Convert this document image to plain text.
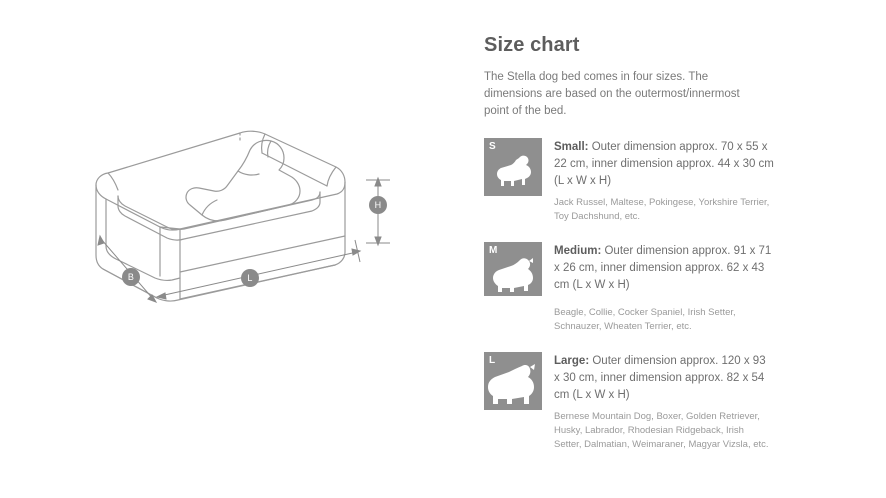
H
L
B
Size chart

The Stella dog bed comes in four sizes. The dimensions are based on the outermost/innermost point of the bed.

S	Small: Outer dimension approx. 70 x 55 x 22 cm, inner dimension approx. 44 x 30 cm (L x W x H)

Jack Russel, Maltese, Pokingese, Yorkshire Terrier, Toy Dachshund, etc.

M	Medium: Outer dimension approx. 91 x 71 x 26 cm, inner dimension approx. 62 x 43 cm (L x W x H)

Beagle, Collie, Cocker Spaniel, Irish Setter, Schnauzer, Wheaten Terrier, etc.

L	Large: Outer dimension approx. 120 x 93 x 30 cm, inner dimension approx. 82 x 54 cm (L x W x H)

Bernese Mountain Dog, Boxer, Golden Retriever, Husky, Labrador, Rhodesian Ridgeback, Irish Setter, Dalmatian, Weimaraner, Magyar Vizsla, etc.
